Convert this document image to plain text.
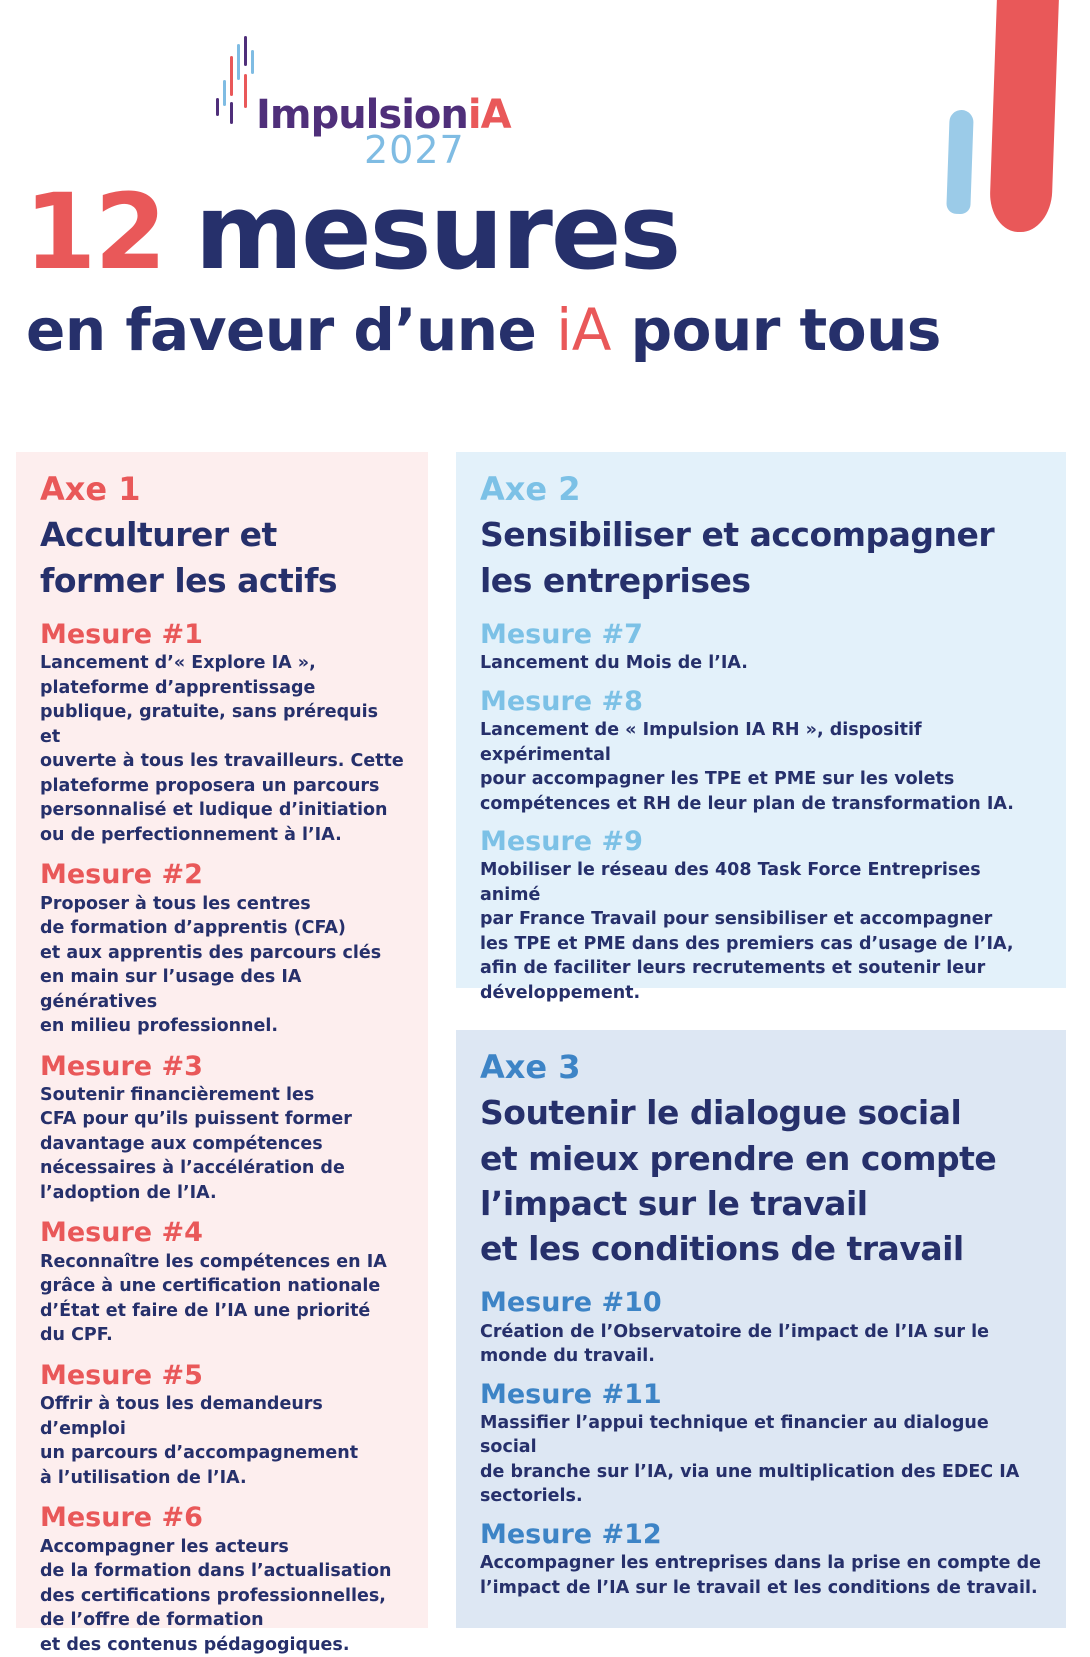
ImpulsioniA
2027
12 mesures
en faveur d’une iA pour tous
Axe 1
Acculturer et
former les actifs
Mesure #1
Lancement d’« Explore IA »,
plateforme d’apprentissage
publique, gratuite, sans prérequis et
ouverte à tous les travailleurs. Cette
plateforme proposera un parcours
personnalisé et ludique d’initiation
ou de perfectionnement à l’IA.
Mesure #2
Proposer à tous les centres
de formation d’apprentis (CFA)
et aux apprentis des parcours clés
en main sur l’usage des IA génératives
en milieu professionnel.
Mesure #3
Soutenir financièrement les
CFA pour qu’ils puissent former
davantage aux compétences
nécessaires à l’accélération de
l’adoption de l’IA.
Mesure #4
Reconnaître les compétences en IA
grâce à une certification nationale
d’État et faire de l’IA une priorité
du CPF.
Mesure #5
Offrir à tous les demandeurs d’emploi
un parcours d’accompagnement
à l’utilisation de l’IA.
Mesure #6
Accompagner les acteurs
de la formation dans l’actualisation
des certifications professionnelles,
de l’offre de formation
et des contenus pédagogiques.
Axe 2
Sensibiliser et accompagner
les entreprises
Mesure #7
Lancement du Mois de l’IA.
Mesure #8
Lancement de « Impulsion IA RH », dispositif expérimental
pour accompagner les TPE et PME sur les volets
compétences et RH de leur plan de transformation IA.
Mesure #9
Mobiliser le réseau des 408 Task Force Entreprises animé
par France Travail pour sensibiliser et accompagner
les TPE et PME dans des premiers cas d’usage de l’IA,
afin de faciliter leurs recrutements et soutenir leur
développement.
Axe 3
Soutenir le dialogue social
et mieux prendre en compte
l’impact sur le travail
et les conditions de travail
Mesure #10
Création de l’Observatoire de l’impact de l’IA sur le
monde du travail.
Mesure #11
Massifier l’appui technique et financier au dialogue social
de branche sur l’IA, via une multiplication des EDEC IA
sectoriels.
Mesure #12
Accompagner les entreprises dans la prise en compte de
l’impact de l’IA sur le travail et les conditions de travail.
